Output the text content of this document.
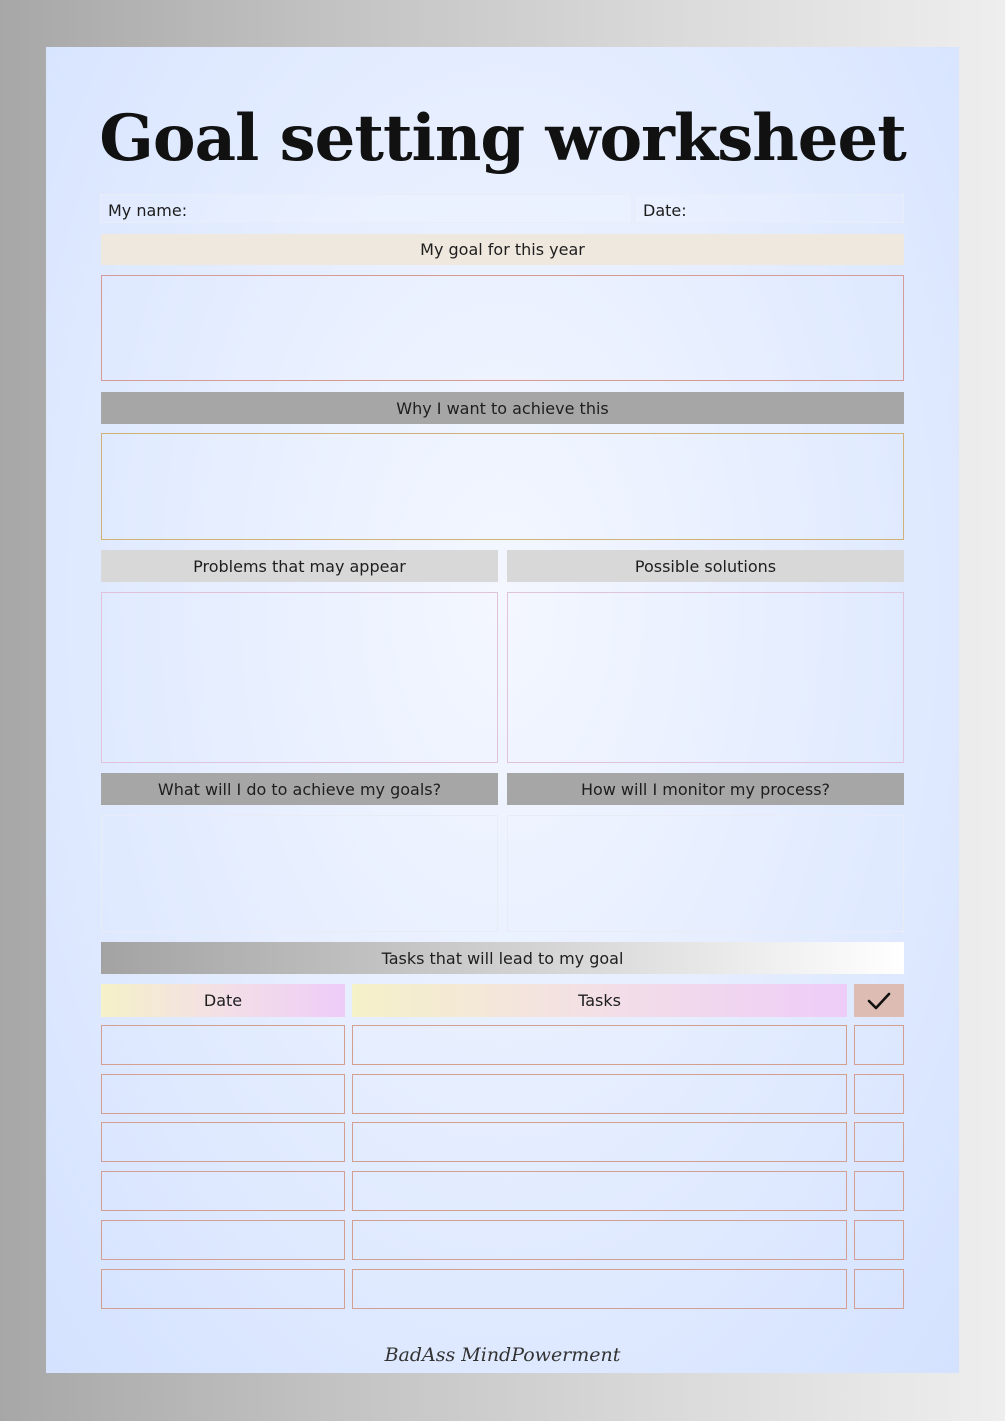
Goal setting worksheet
My name:	Date:
My goal for this year
Why I want to achieve this
Problems that may appear	Possible solutions
What will I do to achieve my goals?	How will I monitor my process?
Tasks that will lead to my goal
Date	Tasks
BadAss MindPowerment
